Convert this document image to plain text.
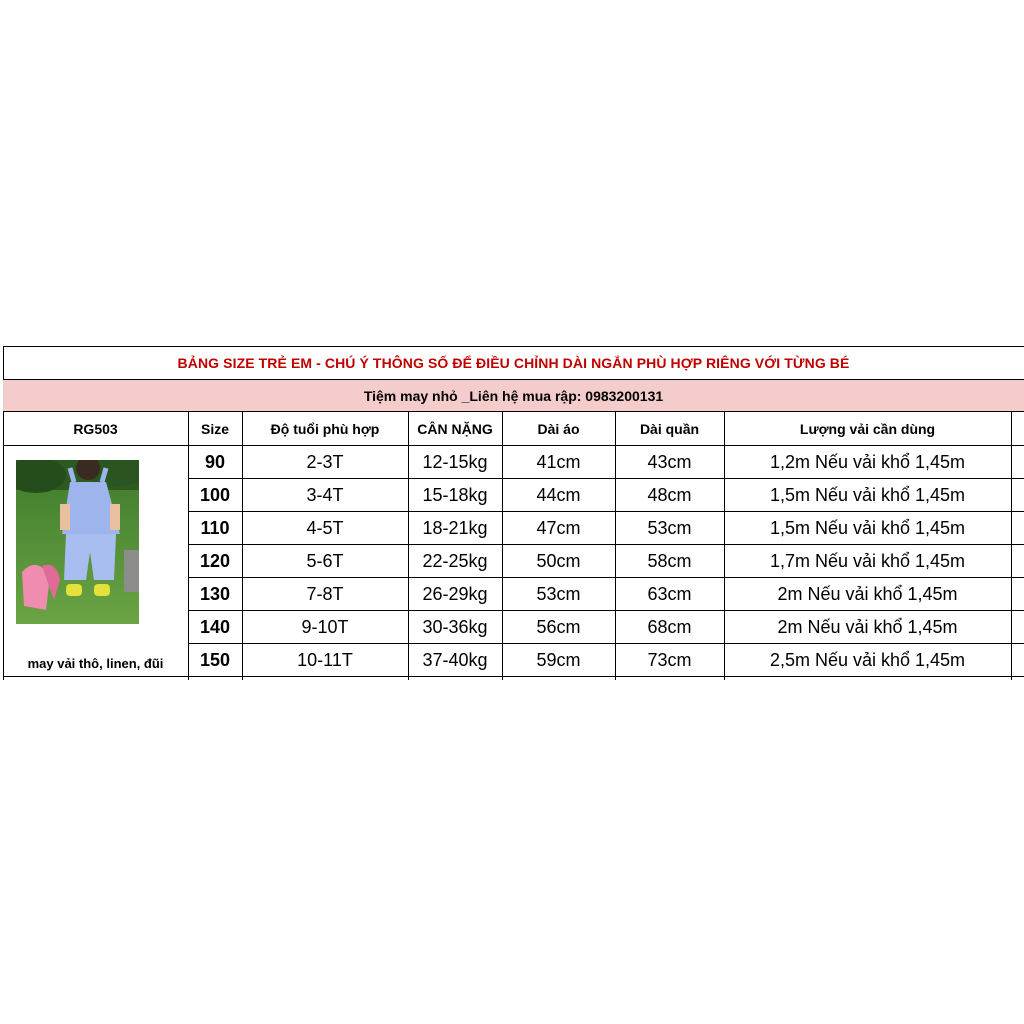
BẢNG SIZE TRẺ EM - CHÚ Ý THÔNG SỐ ĐỂ ĐIỀU CHỈNH DÀI NGẮN PHÙ HỢP RIÊNG VỚI TỪNG BÉ
Tiệm may nhỏ _Liên hệ mua rập: 0983200131
RG503	Size	Độ tuổi phù hợp	CÂN NẶNG	Dài áo	Dài quần	Lượng vải cần dùng
may vải thô, linen, đũi
90	2-3T	12-15kg	41cm	43cm	1,2m Nếu vải khổ 1,45m
100	3-4T	15-18kg	44cm	48cm	1,5m Nếu vải khổ 1,45m
110	4-5T	18-21kg	47cm	53cm	1,5m Nếu vải khổ 1,45m
120	5-6T	22-25kg	50cm	58cm	1,7m Nếu vải khổ 1,45m
130	7-8T	26-29kg	53cm	63cm	2m Nếu vải khổ 1,45m
140	9-10T	30-36kg	56cm	68cm	2m Nếu vải khổ 1,45m
150	10-11T	37-40kg	59cm	73cm	2,5m Nếu vải khổ 1,45m
